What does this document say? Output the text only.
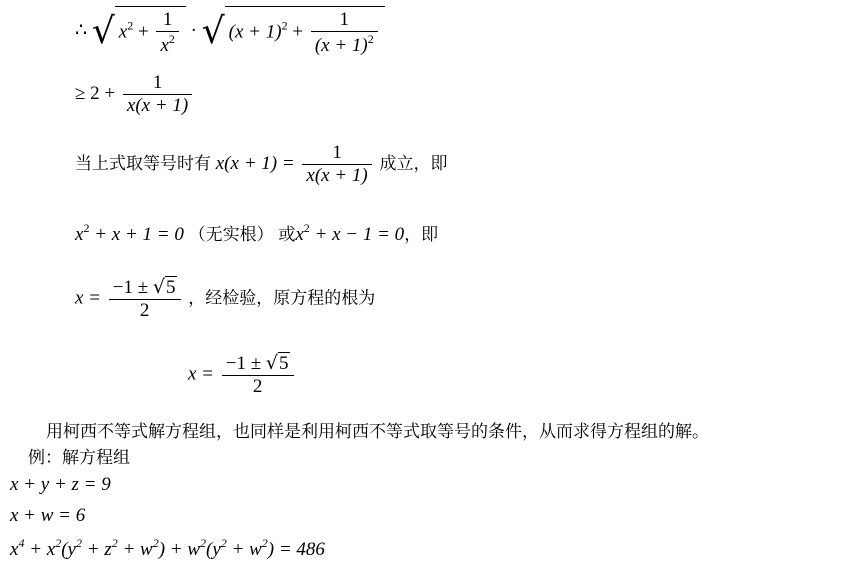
∴ √ $x^2 + \frac{1}{x^2}$ · √ $(x + 1)^2 + \frac{1}{(x + 1)^2}$
≥ $2 + \frac{1}{x(x + 1)}$
当上式取等号时有 $x(x + 1) = \frac{1}{x(x + 1)}$ 成立，即
$x^2 + x + 1 = 0$ （无实根） 或$x^2 + x - 1 = 0$，即
$x = \frac{-1 \pm √5}{2}$ ，经检验，原方程的根为
$x = \frac{-1 \pm √5}{2}$
用柯西不等式解方程组，也同样是利用柯西不等式取等号的条件，从而求得方程组的解。
例：解方程组
x + y + z = 9
x + w = 6
$x^4 + x^2(y^2 + z^2 + w^2) + w^2(y^2 + w^2) = 486$
